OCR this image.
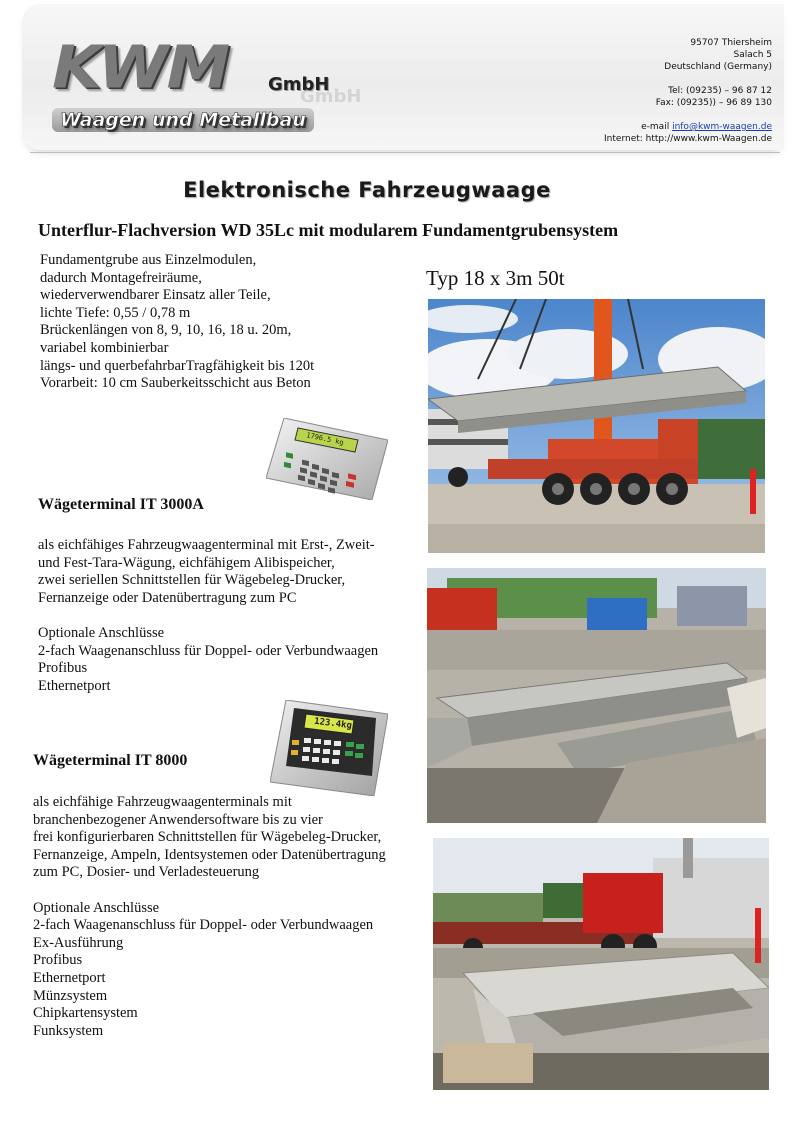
KWM	GmbH
GmbH
Waagen und Metallbau
95707 Thiersheim
Salach 5
Deutschland (Germany)
Tel: (09235) – 96 87 12
Fax: (09235)) – 96 89 130
e-mail info@kwm-waagen.de
Internet: http://www.kwm-Waagen.de
Elektronische Fahrzeugwaage
Unterflur-Flachversion WD 35Lc mit modularem Fundamentgrubensystem
Fundamentgrube aus Einzelmodulen,
dadurch Montagefreiräume,
wiederverwendbarer Einsatz aller Teile,
lichte Tiefe: 0,55 / 0,78 m
Brückenlängen von 8, 9, 10, 16, 18 u. 20m,
variabel kombinierbar
längs- und querbefahrbarTragfähigkeit bis 120t
Vorarbeit: 10 cm Sauberkeitsschicht aus Beton
Typ 18 x 3m 50t
1796.5 kg
Wägeterminal IT 3000A
als eichfähiges Fahrzeugwaagenterminal mit Erst-, Zweit-
und Fest-Tara-Wägung, eichfähigem Alibispeicher,
zwei seriellen Schnittstellen für Wägebeleg-Drucker,
Fernanzeige oder Datenübertragung zum PC
Optionale Anschlüsse
2-fach Waagenanschluss für Doppel- oder Verbundwaagen
Profibus
Ethernetport
123.4kg
Wägeterminal IT 8000
als eichfähige Fahrzeugwaagenterminals mit
branchenbezogener Anwendersoftware bis zu vier
frei konfigurierbaren Schnittstellen für Wägebeleg-Drucker,
Fernanzeige, Ampeln, Identsystemen oder Datenübertragung
zum PC, Dosier- und Verladesteuerung
Optionale Anschlüsse
2-fach Waagenanschluss für Doppel- oder Verbundwaagen
Ex-Ausführung
Profibus
Ethernetport
Münzsystem
Chipkartensystem
Funksystem
